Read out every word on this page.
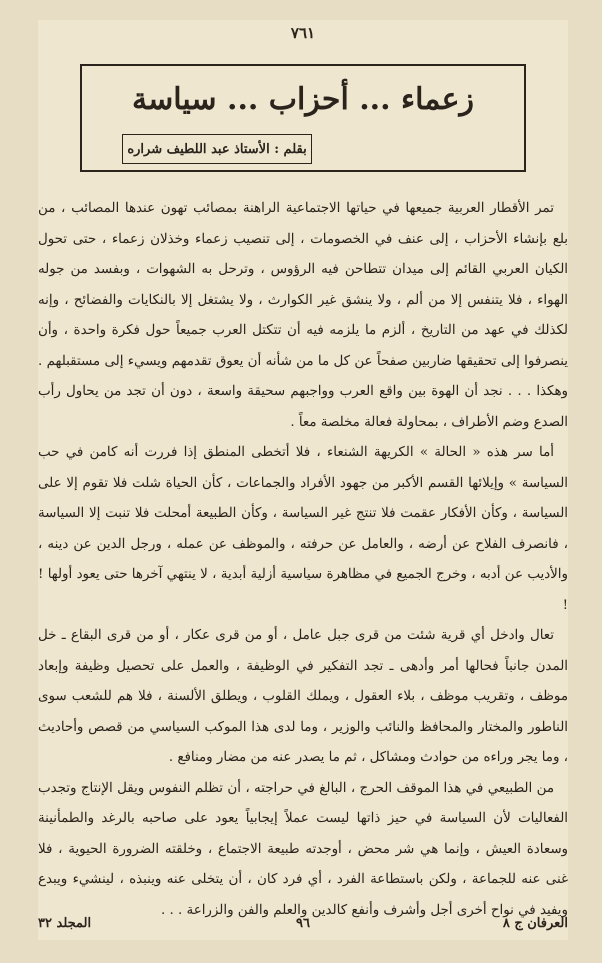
٧٦١
زعماء ... أحزاب ... سياسة
بقلم : الأستاذ عبد اللطيف شراره

تمر الأقطار العربية جميعها في حياتها الاجتماعية الراهنة بمصائب تهون عندها المصائب ، من بلع بإنشاء الأحزاب ، إلى عنف في الخصومات ، إلى تنصيب زعماء وخذلان زعماء ، حتى تحول الكيان العربي القائم إلى ميدان تتطاحن فيه الرؤوس ، وترحل به الشهوات ، وبفسد من جوله الهواء ، فلا يتنفس إلا من ألم ، ولا ينشق غير الكوارث ، ولا يشتغل إلا بالنكايات والفضائح ، وإنه لكذلك في عهد من التاريخ ، ألزم ما يلزمه فيه أن تتكتل العرب جميعاً حول فكرة واحدة ، وأن ينصرفوا إلى تحقيقها ضاربين صفحاً عن كل ما من شأنه أن يعوق تقدمهم ويسيء إلى مستقبلهم . وهكذا . . . نجد أن الهوة بين واقع العرب وواجبهم سحيقة واسعة ، دون أن تجد من يحاول رأب الصدع وضم الأطراف ، بمحاولة فعالة مخلصة معاً .

أما سر هذه « الحالة » الكريهة الشنعاء ، فلا أتخطى المنطق إذا فررت أنه كامن في حب السياسة » وإيلائها القسم الأكبر من جهود الأفراد والجماعات ، كأن الحياة شلت فلا تقوم إلا على السياسة ، وكأن الأفكار عقمت فلا تنتج غير السياسة ، وكأن الطبيعة أمحلت فلا تنبت إلا السياسة ، فانصرف الفلاح عن أرضه ، والعامل عن حرفته ، والموظف عن عمله ، ورجل الدين عن دينه ، والأديب عن أدبه ، وخرج الجميع في مظاهرة سياسية أزلية أبدية ، لا ينتهي آخرها حتى يعود أولها ! !

تعال وادخل أي قرية شئت من قرى جبل عامل ، أو من قرى عكار ، أو من قرى البقاع ـ خل المدن جانباً فحالها أمر وأدهى ـ تجد التفكير في الوظيفة ، والعمل على تحصيل وظيفة وإبعاد موظف ، وتقريب موظف ، بلاء العقول ، ويملك القلوب ، ويطلق الألسنة ، فلا هم للشعب سوى الناطور والمختار والمحافظ والنائب والوزير ، وما لدى هذا الموكب السياسي من قصص وأحاديث ، وما يجر وراءه من حوادث ومشاكل ، ثم ما يصدر عنه من مضار ومنافع .

من الطبيعي في هذا الموقف الحرج ، البالغ في حراجته ، أن تظلم النفوس ويقل الإنتاج وتجدب الفعاليات لأن السياسة في حيز ذاتها ليست عملاً إيجابياً يعود على صاحبه بالرغد والطمأنينة وسعادة العيش ، وإنما هي شر محض ، أوجدته طبيعة الاجتماع ، وخلقته الضرورة الحيوية ، فلا غنى عنه للجماعة ، ولكن باستطاعة الفرد ، أي فرد كان ، أن يتخلى عنه وينبذه ، لينشيء ويبدع ويفيد في نواح أخرى أجل وأشرف وأنفع كالدين والعلم والفن والزراعة . . .

العرفان ج ٨
٩٦
المجلد ٣٢
